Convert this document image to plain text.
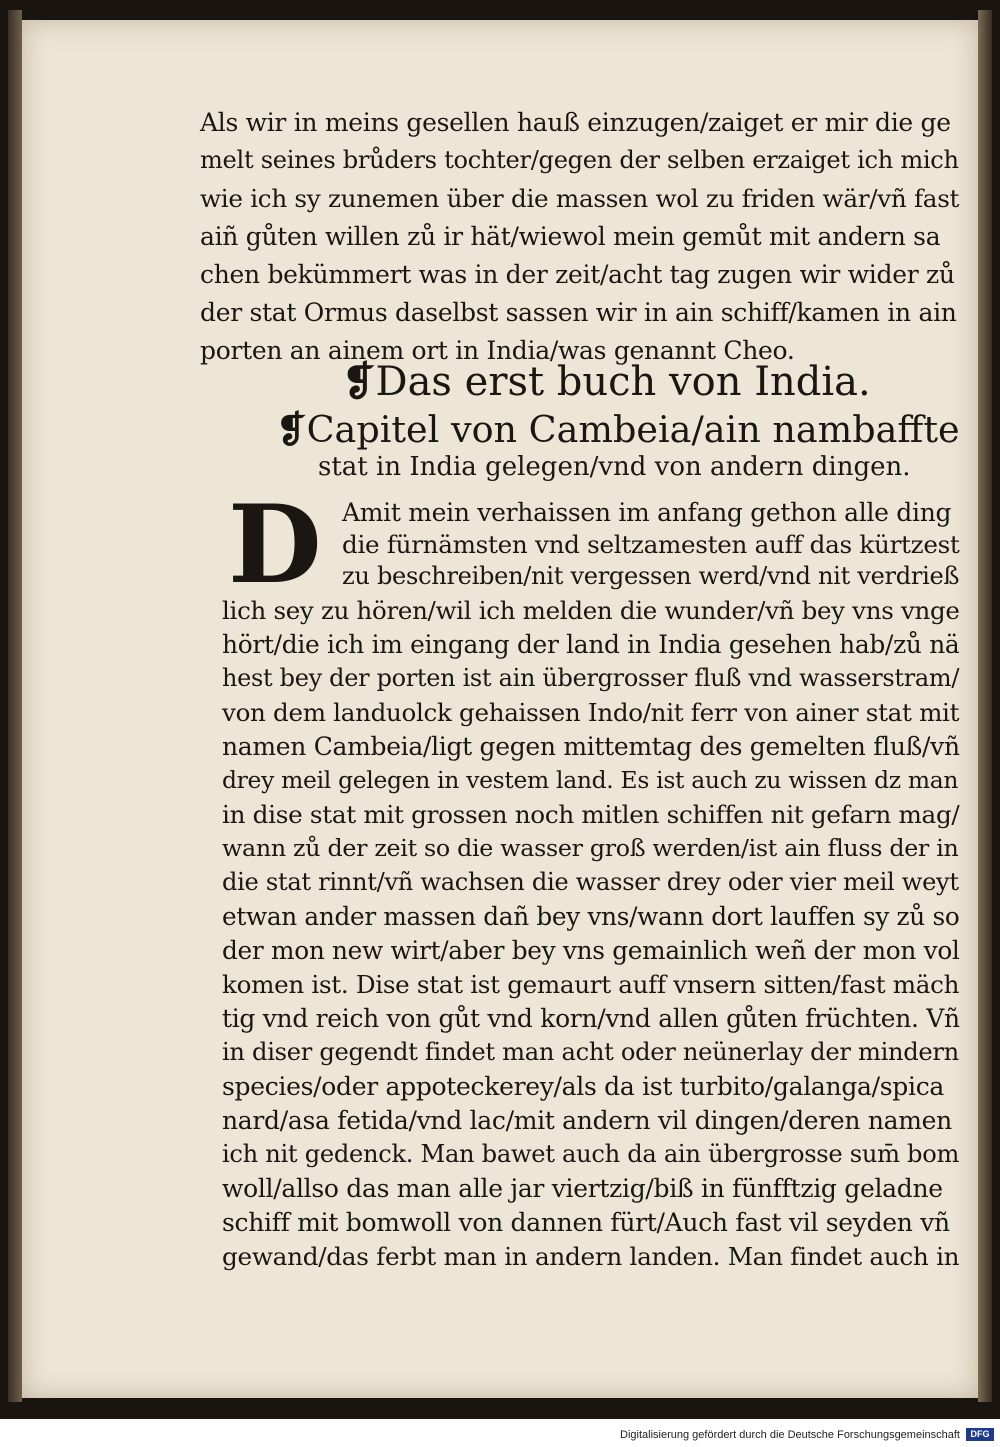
Als wir in meins gesellen hauß einzugen/zaiget er mir die ge
melt seines brůders tochter/gegen der selben erzaiget ich mich
wie ich sy zunemen über die massen wol zu friden wär/vñ fast
aiñ gůten willen zů ir hät/wiewol mein gemůt mit andern sa
chen bekümmert was in der zeit/acht tag zugen wir wider zů
der stat Ormus daselbst sassen wir in ain schiff/kamen in ain
porten an ainem ort in India/was genannt Cheo.
❡Das erst buch von India.
❡Capitel von Cambeia/ain nambaffte
stat in India gelegen/vnd von andern dingen.
D Amit mein verhaissen im anfang gethon alle ding
die fürnämsten vnd seltzamesten auff das kürtzest
zu beschreiben/nit vergessen werd/vnd nit verdrieß
lich sey zu hören/wil ich melden die wunder/vñ bey vns vnge
hört/die ich im eingang der land in India gesehen hab/zů nä
hest bey der porten ist ain übergrosser fluß vnd wasserstram/
von dem landuolck gehaissen Indo/nit ferr von ainer stat mit
namen Cambeia/ligt gegen mittemtag des gemelten fluß/vñ
drey meil gelegen in vestem land. Es ist auch zu wissen dz man
in dise stat mit grossen noch mitlen schiffen nit gefarn mag/
wann zů der zeit so die wasser groß werden/ist ain fluss der in
die stat rinnt/vñ wachsen die wasser drey oder vier meil weyt
etwan ander massen dañ bey vns/wann dort lauffen sy zů so
der mon new wirt/aber bey vns gemainlich weñ der mon vol
komen ist. Dise stat ist gemaurt auff vnsern sitten/fast mäch
tig vnd reich von gůt vnd korn/vnd allen gůten früchten. Vñ
in diser gegendt findet man acht oder neünerlay der mindern
species/oder appoteckerey/als da ist turbito/galanga/spica
nard/asa fetida/vnd lac/mit andern vil dingen/deren namen
ich nit gedenck. Man bawet auch da ain übergrosse sum̄ bom
woll/allso das man alle jar viertzig/biß in fünfftzig geladne
schiff mit bomwoll von dannen fürt/Auch fast vil seyden vñ
gewand/das ferbt man in andern landen. Man findet auch in
Digitalisierung gefördert durch die Deutsche Forschungsgemeinschaft	DFG
